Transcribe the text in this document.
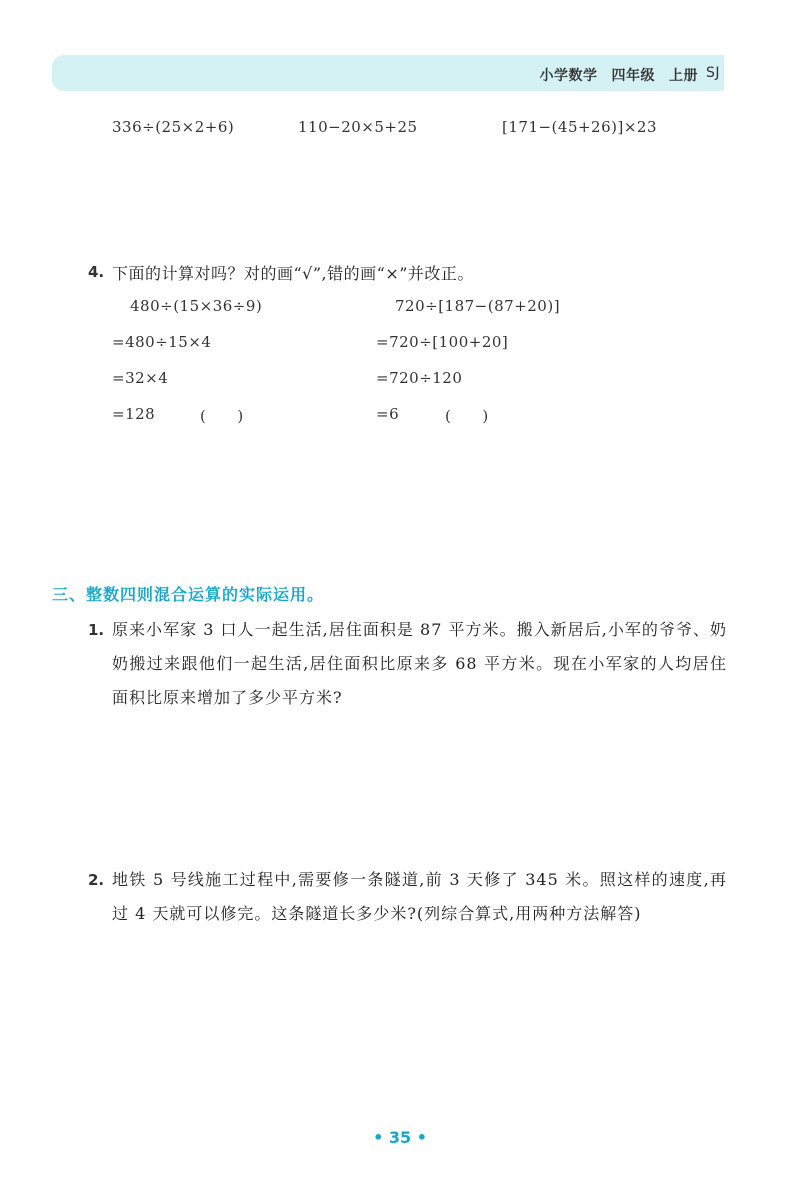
小学数学 四年级 上册 SJ
336÷(25×2+6)	110−20×5+25	[171−(45+26)]×23
4. 下面的计算对吗？对的画“√”,错的画“×”并改正。
480÷(15×36÷9)
=480÷15×4
=32×4
=128	(　　)
720÷[187−(87+20)]
=720÷[100+20]
=720÷120
=6	(　　)
三、整数四则混合运算的实际运用。
1. 原来小军家 3 口人一起生活,居住面积是 87 平方米。搬入新居后,小军的爷爷、奶奶搬过来跟他们一起生活,居住面积比原来多 68 平方米。现在小军家的人均居住面积比原来增加了多少平方米?
2. 地铁 5 号线施工过程中,需要修一条隧道,前 3 天修了 345 米。照这样的速度,再过 4 天就可以修完。这条隧道长多少米?(列综合算式,用两种方法解答)
• 35 •
